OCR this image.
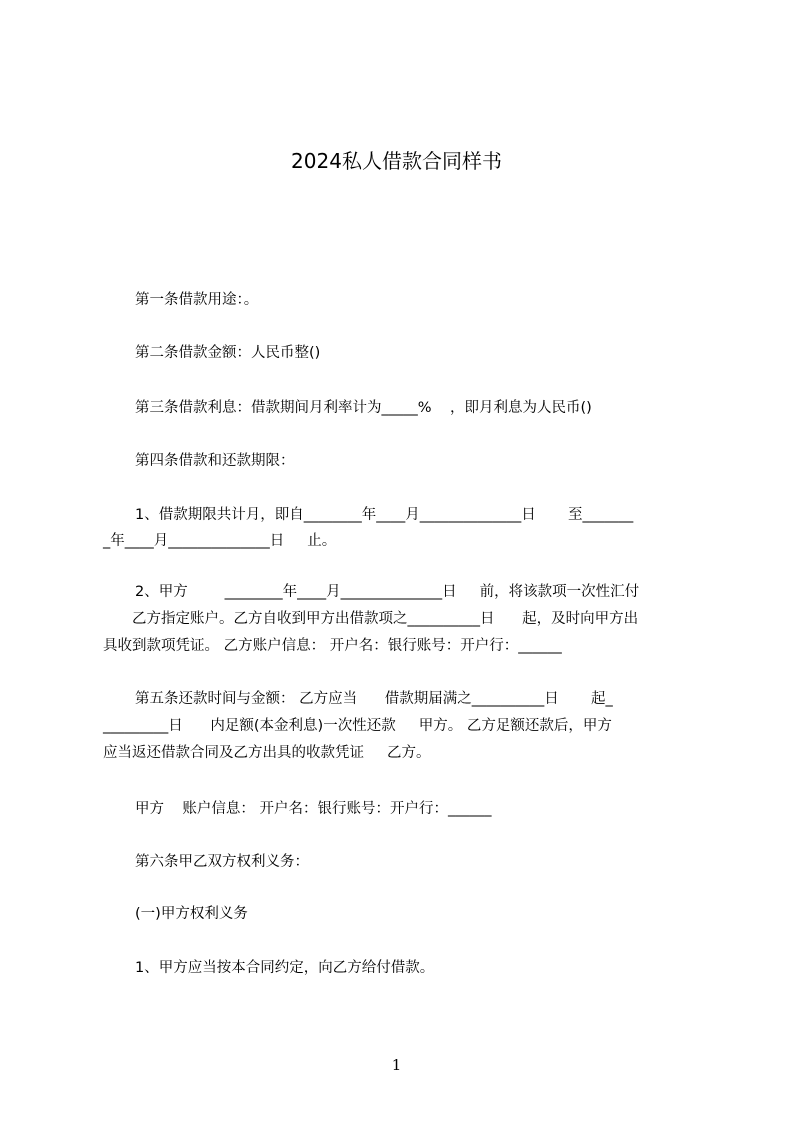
2024私人借款合同样书
第一条借款用途：。
第二条借款金额：人民币整()
第三条借款利息：借款期间月利率计为_____%    ，即月利息为人民币()
第四条借款和还款期限：
1、借款期限共计月，即自________年____月______________日       至_______
_年____月______________日     止。
2、甲方        ________年____月______________日     前，将该款项一次性汇付
乙方指定账户。乙方自收到甲方出借款项之__________日      起，及时向甲方出
具收到款项凭证。 乙方账户信息： 开户名：银行账号：开户行：______
第五条还款时间与金额： 乙方应当      借款期届满之__________日       起_
_________日      内足额(本金利息)一次性还款     甲方。 乙方足额还款后，甲方
应当返还借款合同及乙方出具的收款凭证     乙方。
甲方    账户信息： 开户名：银行账号：开户行：______
第六条甲乙双方权利义务：
(一)甲方权利义务
1、甲方应当按本合同约定，向乙方给付借款。
1
